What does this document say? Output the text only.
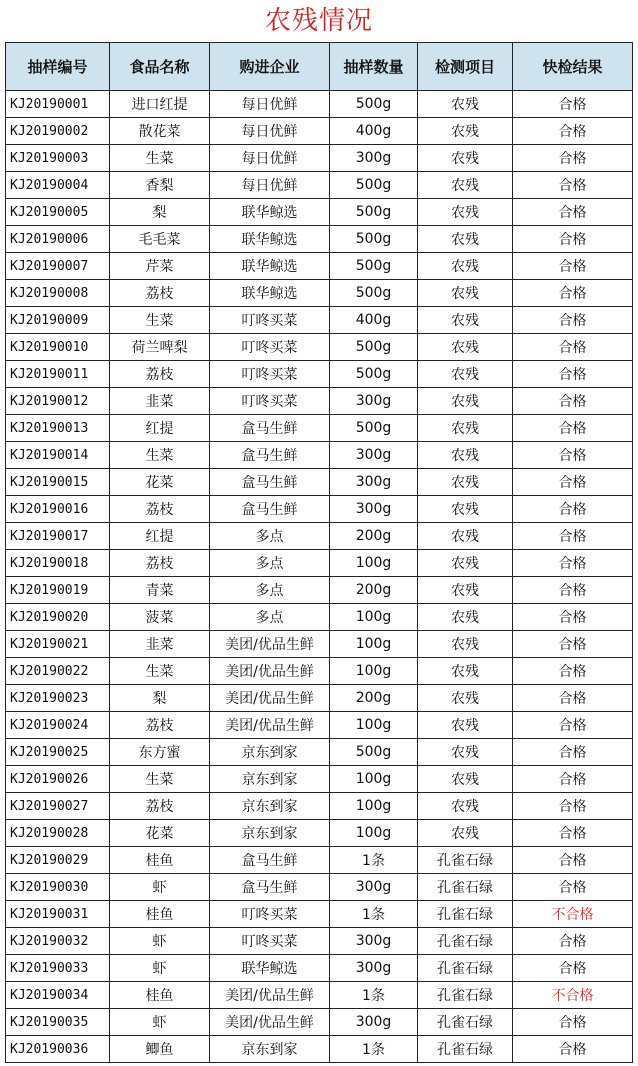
农残情况
抽样编号	食品名称	购进企业	抽样数量	检测项目	快检结果
KJ20190001	进口红提	每日优鲜	500g	农残	合格
KJ20190002	散花菜	每日优鲜	400g	农残	合格
KJ20190003	生菜	每日优鲜	300g	农残	合格
KJ20190004	香梨	每日优鲜	500g	农残	合格
KJ20190005	梨	联华鲸选	500g	农残	合格
KJ20190006	毛毛菜	联华鲸选	500g	农残	合格
KJ20190007	芹菜	联华鲸选	500g	农残	合格
KJ20190008	荔枝	联华鲸选	500g	农残	合格
KJ20190009	生菜	叮咚买菜	400g	农残	合格
KJ20190010	荷兰啤梨	叮咚买菜	500g	农残	合格
KJ20190011	荔枝	叮咚买菜	500g	农残	合格
KJ20190012	韭菜	叮咚买菜	300g	农残	合格
KJ20190013	红提	盒马生鲜	500g	农残	合格
KJ20190014	生菜	盒马生鲜	300g	农残	合格
KJ20190015	花菜	盒马生鲜	300g	农残	合格
KJ20190016	荔枝	盒马生鲜	300g	农残	合格
KJ20190017	红提	多点	200g	农残	合格
KJ20190018	荔枝	多点	100g	农残	合格
KJ20190019	青菜	多点	200g	农残	合格
KJ20190020	菠菜	多点	100g	农残	合格
KJ20190021	韭菜	美团/优品生鲜	100g	农残	合格
KJ20190022	生菜	美团/优品生鲜	100g	农残	合格
KJ20190023	梨	美团/优品生鲜	200g	农残	合格
KJ20190024	荔枝	美团/优品生鲜	100g	农残	合格
KJ20190025	东方蜜	京东到家	500g	农残	合格
KJ20190026	生菜	京东到家	100g	农残	合格
KJ20190027	荔枝	京东到家	100g	农残	合格
KJ20190028	花菜	京东到家	100g	农残	合格
KJ20190029	桂鱼	盒马生鲜	1条	孔雀石绿	合格
KJ20190030	虾	盒马生鲜	300g	孔雀石绿	合格
KJ20190031	桂鱼	叮咚买菜	1条	孔雀石绿	不合格
KJ20190032	虾	叮咚买菜	300g	孔雀石绿	合格
KJ20190033	虾	联华鲸选	300g	孔雀石绿	合格
KJ20190034	桂鱼	美团/优品生鲜	1条	孔雀石绿	不合格
KJ20190035	虾	美团/优品生鲜	300g	孔雀石绿	合格
KJ20190036	鲫鱼	京东到家	1条	孔雀石绿	合格
